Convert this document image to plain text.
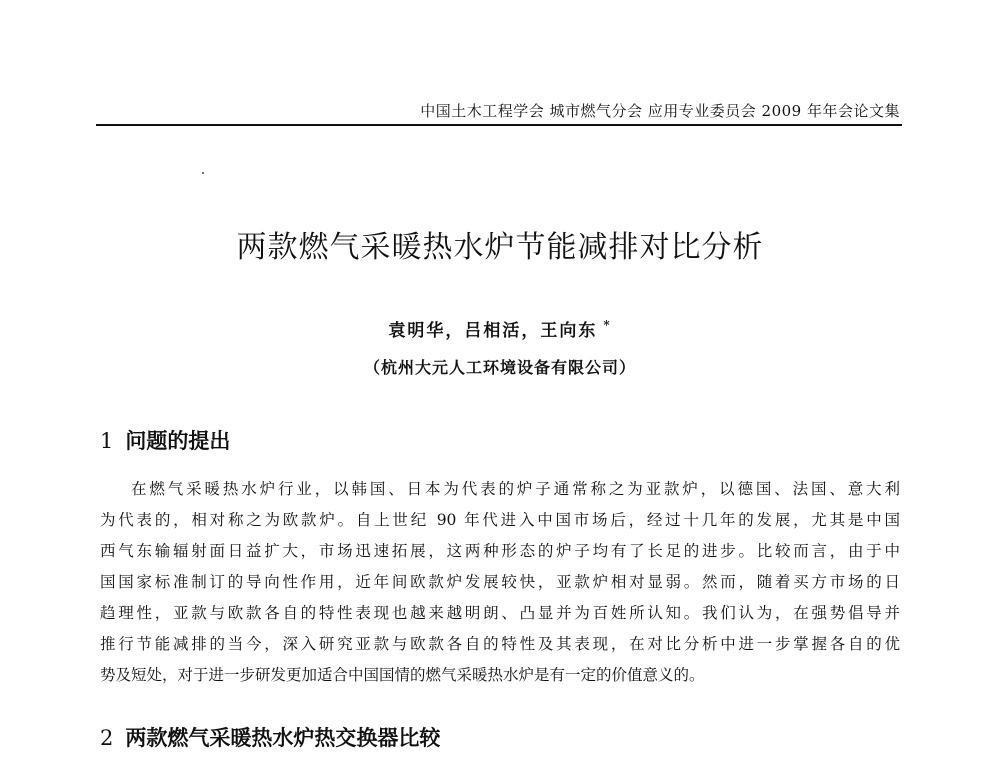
中国土木工程学会 城市燃气分会 应用专业委员会 2009 年年会论文集
两款燃气采暖热水炉节能减排对比分析
袁明华，吕相活，王向东 *
（杭州大元人工环境设备有限公司）
1 问题的提出
在燃气采暖热水炉行业，以韩国、日本为代表的炉子通常称之为亚款炉，以德国、法国、意大利
为代表的，相对称之为欧款炉。自上世纪 90 年代进入中国市场后，经过十几年的发展，尤其是中国
西气东输辐射面日益扩大，市场迅速拓展，这两种形态的炉子均有了长足的进步。比较而言，由于中
国国家标准制订的导向性作用，近年间欧款炉发展较快，亚款炉相对显弱。然而，随着买方市场的日
趋理性，亚款与欧款各自的特性表现也越来越明朗、凸显并为百姓所认知。我们认为，在强势倡导并
推行节能减排的当今，深入研究亚款与欧款各自的特性及其表现，在对比分析中进一步掌握各自的优
势及短处，对于进一步研发更加适合中国国情的燃气采暖热水炉是有一定的价值意义的。
2 两款燃气采暖热水炉热交换器比较
